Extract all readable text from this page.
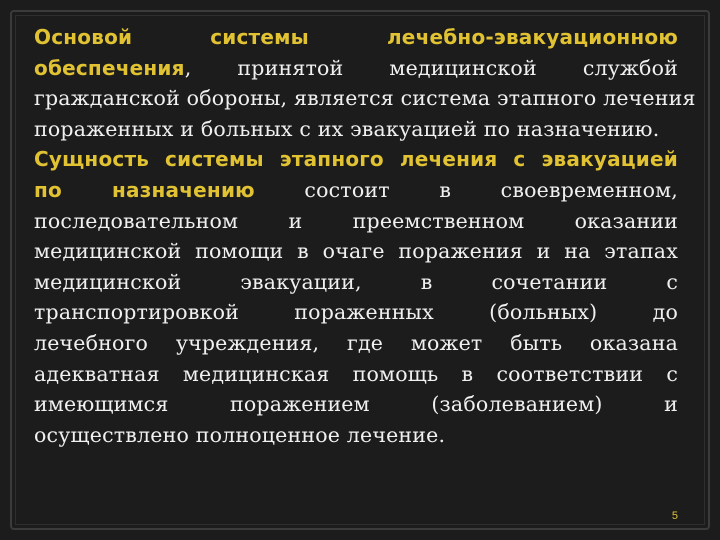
Основой	системы	лечебно-эвакуационною
обеспечения, принятой медицинской службой
гражданской обороны, является система этапного лечения
пораженных и больных с их эвакуацией по назначению.

Сущность системы этапного лечения с эвакуацией
по назначению состоит в своевременном,
последовательном и преемственном оказании
медицинской помощи в очаге поражения и на этапах
медицинской эвакуации, в сочетании с
транспортировкой пораженных (больных) до
лечебного учреждения, где может быть оказана
адекватная медицинская помощь в соответствии с
имеющимся поражением (заболеванием) и
осуществлено полноценное лечение.

5
